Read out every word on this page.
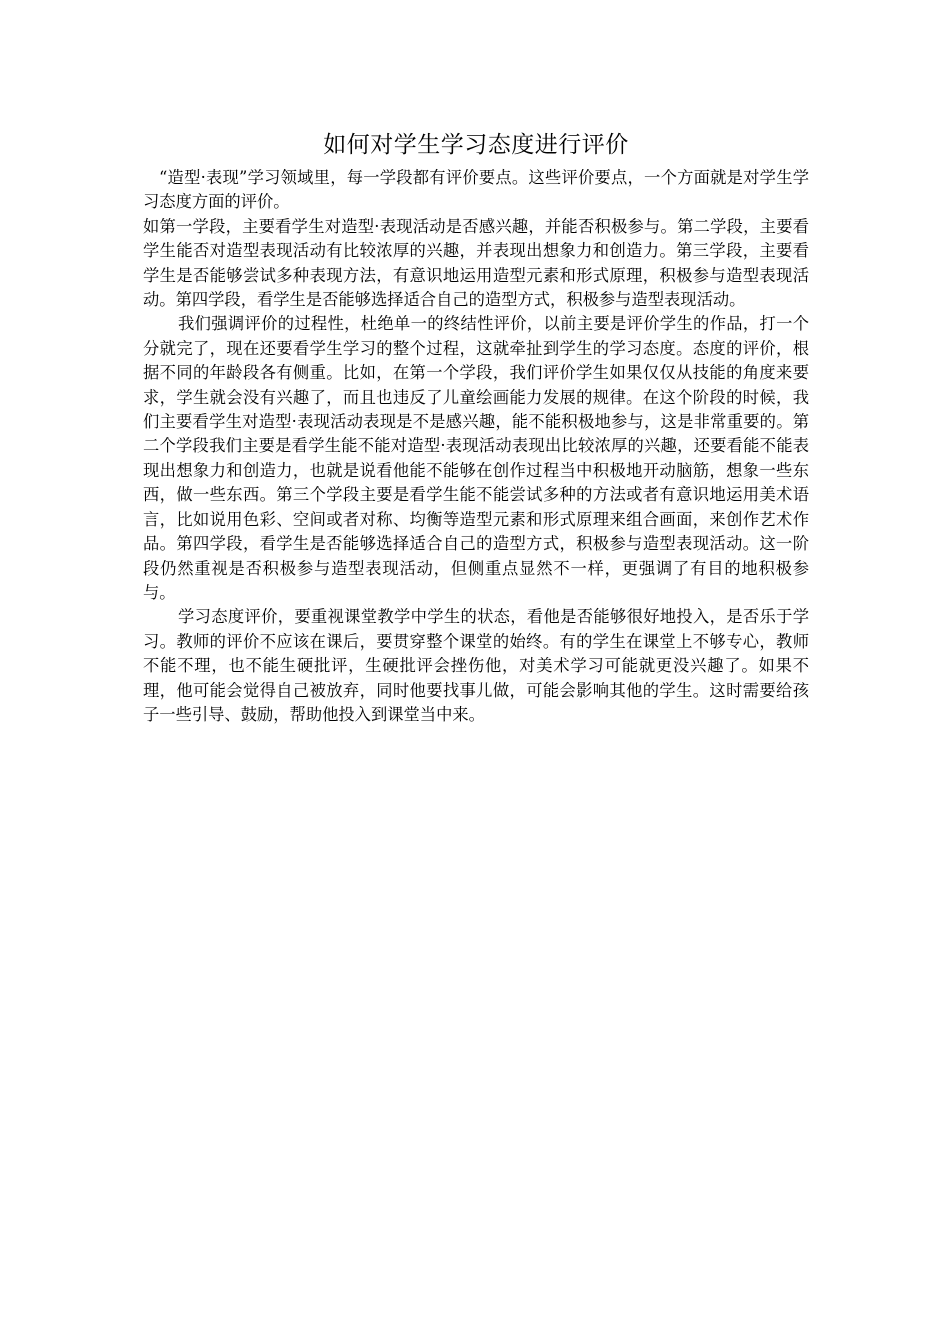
如何对学生学习态度进行评价

“造型·表现”学习领域里，每一学段都有评价要点。这些评价要点，一个方面就是对学生学习态度方面的评价。

如第一学段，主要看学生对造型·表现活动是否感兴趣，并能否积极参与。第二学段，主要看学生能否对造型表现活动有比较浓厚的兴趣，并表现出想象力和创造力。第三学段，主要看学生是否能够尝试多种表现方法，有意识地运用造型元素和形式原理，积极参与造型表现活动。第四学段，看学生是否能够选择适合自己的造型方式，积极参与造型表现活动。

我们强调评价的过程性，杜绝单一的终结性评价，以前主要是评价学生的作品，打一个分就完了，现在还要看学生学习的整个过程，这就牵扯到学生的学习态度。态度的评价，根据不同的年龄段各有侧重。比如，在第一个学段，我们评价学生如果仅仅从技能的角度来要求，学生就会没有兴趣了，而且也违反了儿童绘画能力发展的规律。在这个阶段的时候，我们主要看学生对造型·表现活动表现是不是感兴趣，能不能积极地参与，这是非常重要的。第二个学段我们主要是看学生能不能对造型·表现活动表现出比较浓厚的兴趣，还要看能不能表现出想象力和创造力，也就是说看他能不能够在创作过程当中积极地开动脑筋，想象一些东西，做一些东西。第三个学段主要是看学生能不能尝试多种的方法或者有意识地运用美术语言，比如说用色彩、空间或者对称、均衡等造型元素和形式原理来组合画面，来创作艺术作品。第四学段，看学生是否能够选择适合自己的造型方式，积极参与造型表现活动。这一阶段仍然重视是否积极参与造型表现活动，但侧重点显然不一样，更强调了有目的地积极参与。

学习态度评价，要重视课堂教学中学生的状态，看他是否能够很好地投入，是否乐于学习。教师的评价不应该在课后，要贯穿整个课堂的始终。有的学生在课堂上不够专心，教师不能不理，也不能生硬批评，生硬批评会挫伤他，对美术学习可能就更没兴趣了。如果不理，他可能会觉得自己被放弃，同时他要找事儿做，可能会影响其他的学生。这时需要给孩子一些引导、鼓励，帮助他投入到课堂当中来。
